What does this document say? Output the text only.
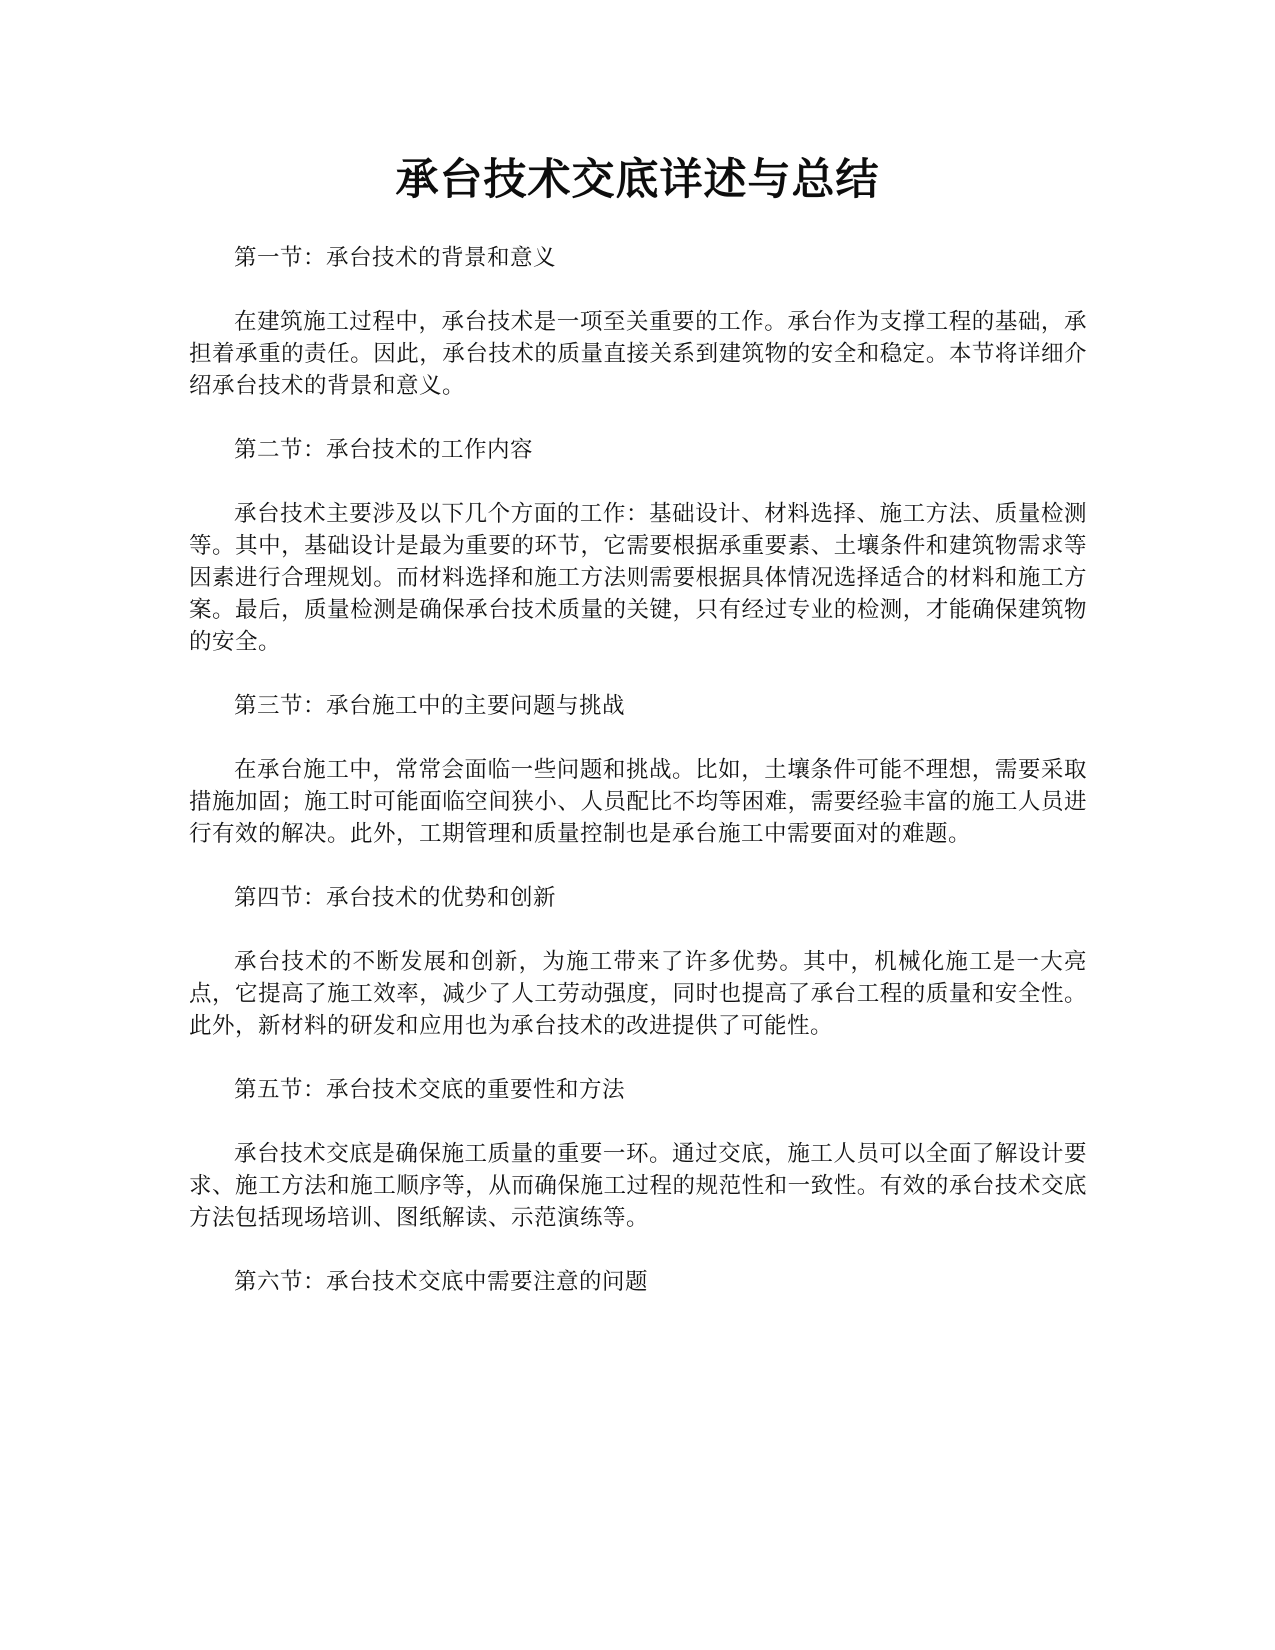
承台技术交底详述与总结

第一节：承台技术的背景和意义

在建筑施工过程中，承台技术是一项至关重要的工作。承台作为支撑工程的基础，承担着承重的责任。因此，承台技术的质量直接关系到建筑物的安全和稳定。本节将详细介绍承台技术的背景和意义。

第二节：承台技术的工作内容

承台技术主要涉及以下几个方面的工作：基础设计、材料选择、施工方法、质量检测等。其中，基础设计是最为重要的环节，它需要根据承重要素、土壤条件和建筑物需求等因素进行合理规划。而材料选择和施工方法则需要根据具体情况选择适合的材料和施工方案。最后，质量检测是确保承台技术质量的关键，只有经过专业的检测，才能确保建筑物的安全。

第三节：承台施工中的主要问题与挑战

在承台施工中，常常会面临一些问题和挑战。比如，土壤条件可能不理想，需要采取措施加固；施工时可能面临空间狭小、人员配比不均等困难，需要经验丰富的施工人员进行有效的解决。此外，工期管理和质量控制也是承台施工中需要面对的难题。

第四节：承台技术的优势和创新

承台技术的不断发展和创新，为施工带来了许多优势。其中，机械化施工是一大亮点，它提高了施工效率，减少了人工劳动强度，同时也提高了承台工程的质量和安全性。此外，新材料的研发和应用也为承台技术的改进提供了可能性。

第五节：承台技术交底的重要性和方法

承台技术交底是确保施工质量的重要一环。通过交底，施工人员可以全面了解设计要求、施工方法和施工顺序等，从而确保施工过程的规范性和一致性。有效的承台技术交底方法包括现场培训、图纸解读、示范演练等。

第六节：承台技术交底中需要注意的问题
